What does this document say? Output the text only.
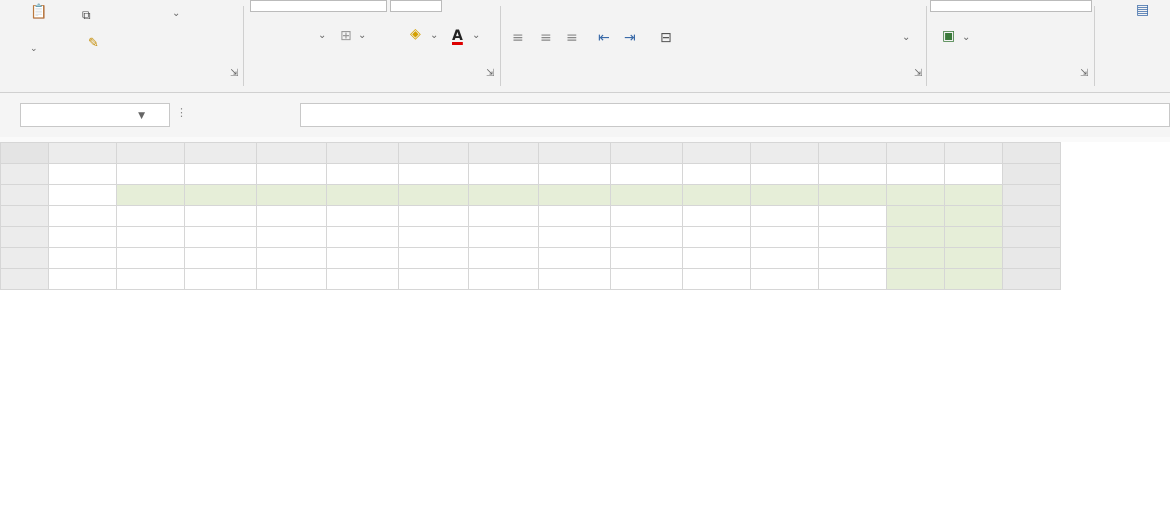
📋
⌄
⧉	⌄
✎
⇲
⌄ ⊞ ⌄	◈ ⌄ A ⌄
⇲
≡ ≡ ≡ ⇤ ⇥ ⊟	⌄
⇲
▣ ⌄
⇲
▤
▼	⋮
